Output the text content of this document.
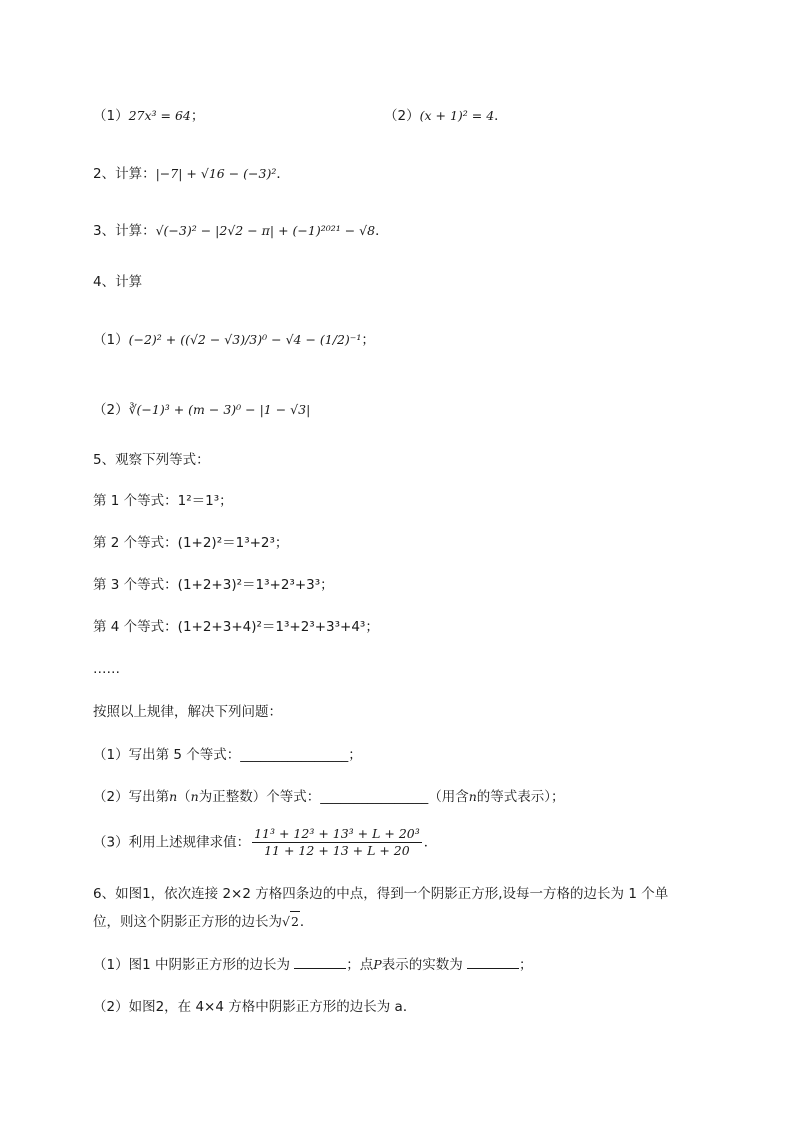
（1）27x³ = 64；	（2）(x + 1)² = 4．
2、计算：|−7| + √16 − (−3)²．
3、计算：√(−3)² − |2√2 − π| + (−1)²⁰²¹ − √8．
4、计算
（1）(−2)² + ((√2 − √3)/3)⁰ − √4 − (1/2)⁻¹；
（2）∛(−1)³ + (m − 3)⁰ − |1 − √3|
5、观察下列等式：
第 1 个等式：1²＝1³；
第 2 个等式：(1+2)²＝1³+2³；
第 3 个等式：(1+2+3)²＝1³+2³+3³；
第 4 个等式：(1+2+3+4)²＝1³+2³+3³+4³；
……
按照以上规律，解决下列问题：
（1）写出第 5 个等式：________________；
（2）写出第n（n为正整数）个等式：________________（用含n的等式表示）；
（3）利用上述规律求值： $\frac{\text{11³ + 12³ + 13³ + L + 20³}}{11 + 12 + 13 + L + 20}$ ．
6、如图1，依次连接 2×2 方格四条边的中点，得到一个阴影正方形,设每一方格的边长为 1 个单
位，则这个阴影正方形的边长为√2．
（1）图1 中阴影正方形的边长为	；点P表示的实数为	；
（2）如图2，在 4×4 方格中阴影正方形的边长为 a．
